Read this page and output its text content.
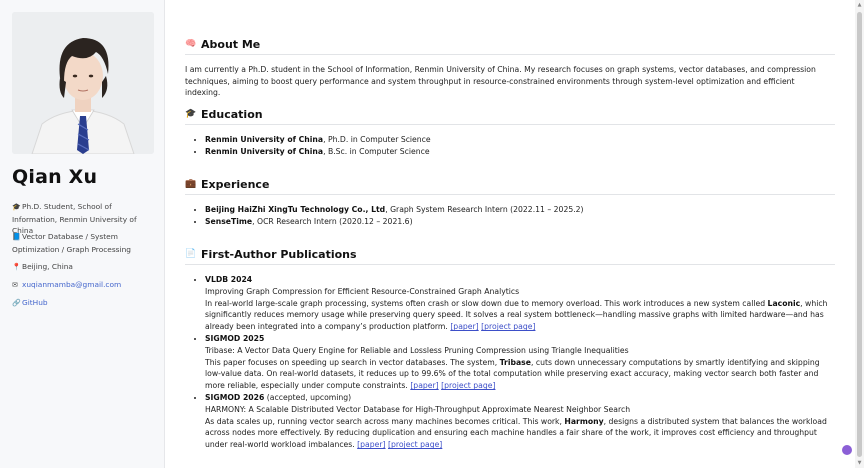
Qian Xu
🎓Ph.D. Student, School of Information, Renmin University of China
📘Vector Database / System Optimization / Graph Processing
📍Beijing, China
✉ xuqianmamba@gmail.com
🔗GitHub
🧠 About Me
I am currently a Ph.D. student in the School of Information, Renmin University of China. My research focuses on graph systems, vector databases, and compression techniques, aiming to boost query performance and system throughput in resource-constrained environments through system-level optimization and efficient indexing.
🎓 Education
• Renmin University of China, Ph.D. in Computer Science
• Renmin University of China, B.Sc. in Computer Science
💼 Experience
• Beijing HaiZhi XingTu Technology Co., Ltd, Graph System Research Intern (2022.11 – 2025.2)
• SenseTime, OCR Research Intern (2020.12 – 2021.6)
📄 First-Author Publications
• VLDB 2024
Improving Graph Compression for Efficient Resource-Constrained Graph Analytics
In real-world large-scale graph processing, systems often crash or slow down due to memory overload. This work introduces a new system called Laconic, which significantly reduces memory usage while preserving query speed. It solves a real system bottleneck—handling massive graphs with limited hardware—and has already been integrated into a company’s production platform. [paper] [project page]
• SIGMOD 2025
Tribase: A Vector Data Query Engine for Reliable and Lossless Pruning Compression using Triangle Inequalities
This paper focuses on speeding up search in vector databases. The system, Tribase, cuts down unnecessary computations by smartly identifying and skipping low-value data. On real-world datasets, it reduces up to 99.6% of the total computation while preserving exact accuracy, making vector search both faster and more reliable, especially under compute constraints. [paper] [project page]
• SIGMOD 2026 (accepted, upcoming)
HARMONY: A Scalable Distributed Vector Database for High-Throughput Approximate Nearest Neighbor Search
As data scales up, running vector search across many machines becomes critical. This work, Harmony, designs a distributed system that balances the workload across nodes more effectively. By reducing duplication and ensuring each machine handles a fair share of the work, it improves cost efficiency and throughput under real-world workload imbalances. [paper] [project page]
▲
▼
